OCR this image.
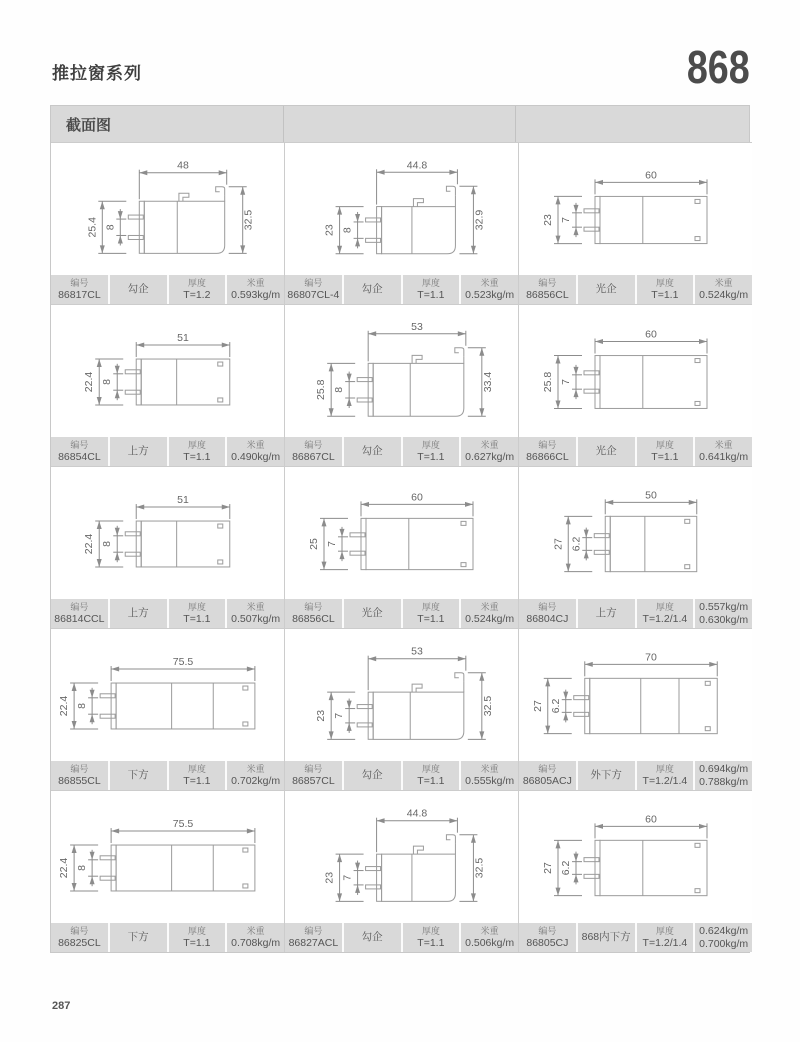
推拉窗系列	868
截面图
48
25.4 8	32.5
编号
86817CL	勾企
厚度
T=1.2
米重
0.593kg/m
44.8
23 8	32.9
编号
86807CL-4 勾企
厚度
T=1.1
米重
0.523kg/m
60
23 7
编号
86856CL	光企
厚度
T=1.1
米重
0.524kg/m
51
22.4 8
编号
86854CL	上方
厚度
T=1.1
米重
0.490kg/m
53
25.8 8	33.4
编号
86867CL	勾企
厚度
T=1.1
米重
0.627kg/m
60
25.8 7
编号
86866CL	光企
厚度
T=1.1
米重
0.641kg/m
51
22.4 8
编号
86814CCL 上方
厚度
T=1.1
米重
0.507kg/m
60
25 7
编号
86856CL	光企
厚度
T=1.1
米重
0.524kg/m
50
27 6.2
编号
86804CJ	上方
厚度
T=1.2/1.4
0.557kg/m
0.630kg/m
75.5
22.4 8
编号
86855CL	下方
厚度
T=1.1
米重
0.702kg/m
53
23 7	32.5
编号
86857CL	勾企
厚度
T=1.1
米重
0.555kg/m
70
27 6.2
编号
86805ACJ 外下方
厚度
T=1.2/1.4
0.694kg/m
0.788kg/m
75.5
22.4 8
编号
86825CL	下方
厚度
T=1.1
米重
0.708kg/m
44.8
23 7	32.5
编号
86827ACL 勾企
厚度
T=1.1
米重
0.506kg/m
60
27 6.2
编号
86805CJ 868内下方
厚度
T=1.2/1.4
0.624kg/m
0.700kg/m
287
